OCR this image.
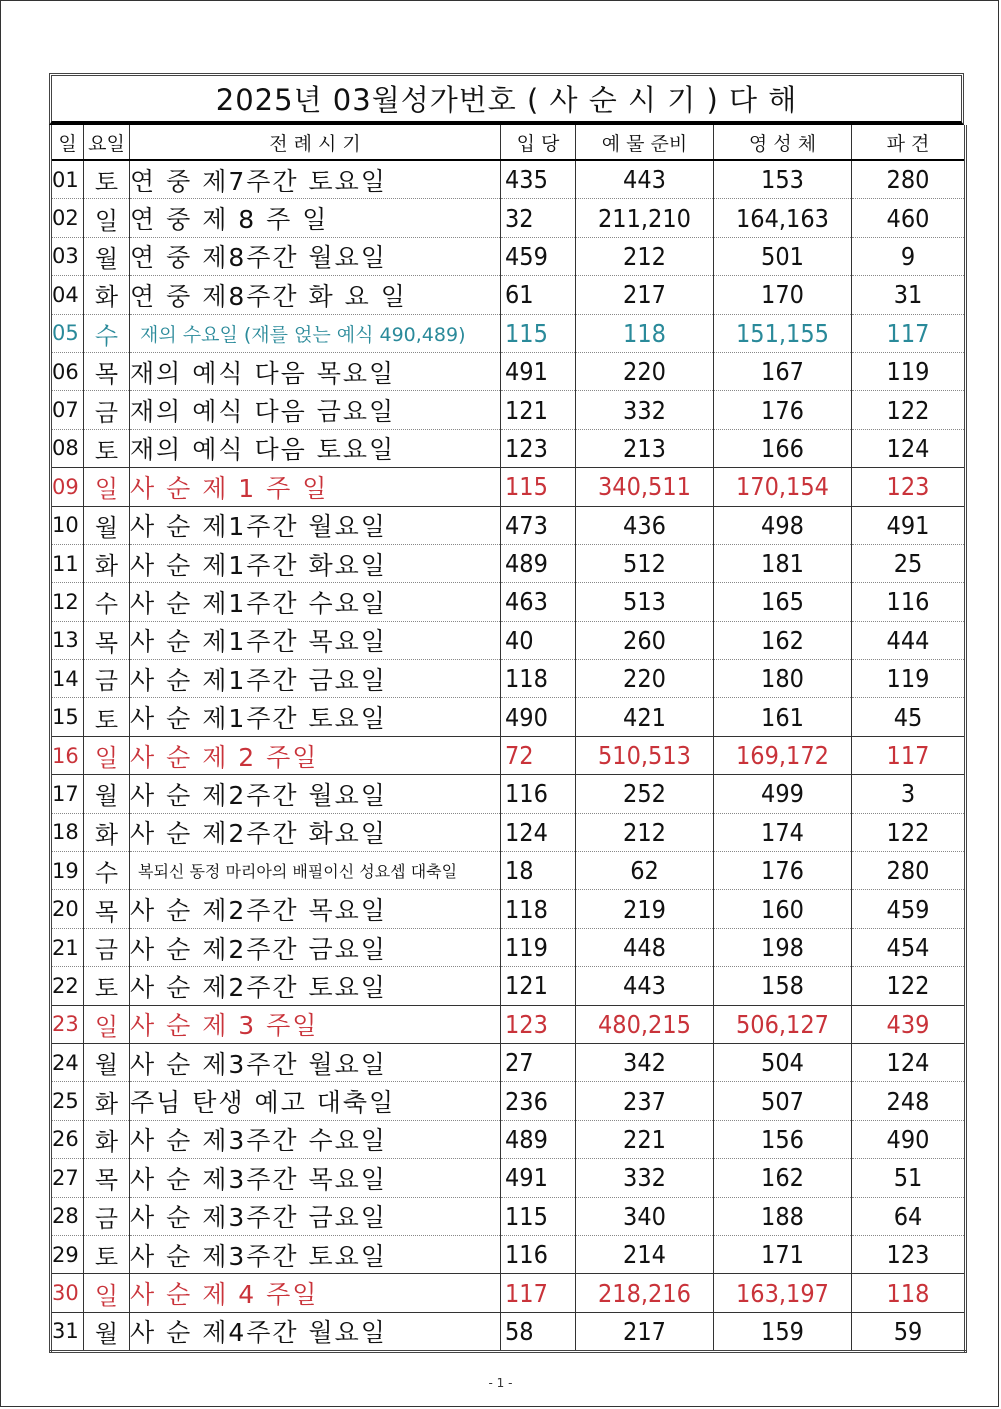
2025년 03월성가번호 ( 사 순 시 기 ) 다 해
일	요일	전 례 시 기	입 당	예 물 준비	영 성 체	파 견
01	토	연 중 제7주간 토요일	435	443	153	280
02	일	연 중 제 8 주 일	32	211,210	164,163	460
03	월	연 중 제8주간 월요일	459	212	501	9
04	화	연 중 제8주간 화 요 일	61	217	170	31
05	수	재의 수요일 (재를 얹는 예식 490,489)	115	118	151,155	117
06	목	재의 예식 다음 목요일	491	220	167	119
07	금	재의 예식 다음 금요일	121	332	176	122
08	토	재의 예식 다음 토요일	123	213	166	124
09	일	사 순 제 1 주 일	115	340,511	170,154	123
10	월	사 순 제1주간 월요일	473	436	498	491
11	화	사 순 제1주간 화요일	489	512	181	25
12	수	사 순 제1주간 수요일	463	513	165	116
13	목	사 순 제1주간 목요일	40	260	162	444
14	금	사 순 제1주간 금요일	118	220	180	119
15	토	사 순 제1주간 토요일	490	421	161	45
16	일	사 순 제 2 주일	72	510,513	169,172	117
17	월	사 순 제2주간 월요일	116	252	499	3
18	화	사 순 제2주간 화요일	124	212	174	122
19	수	복되신 동정 마리아의 배필이신 성요셉 대축일	18	62	176	280
20	목	사 순 제2주간 목요일	118	219	160	459
21	금	사 순 제2주간 금요일	119	448	198	454
22	토	사 순 제2주간 토요일	121	443	158	122
23	일	사 순 제 3 주일	123	480,215	506,127	439
24	월	사 순 제3주간 월요일	27	342	504	124
25	화	주님 탄생 예고 대축일	236	237	507	248
26	화	사 순 제3주간 수요일	489	221	156	490
27	목	사 순 제3주간 목요일	491	332	162	51
28	금	사 순 제3주간 금요일	115	340	188	64
29	토	사 순 제3주간 토요일	116	214	171	123
30	일	사 순 제 4 주일	117	218,216	163,197	118
31	월	사 순 제4주간 월요일	58	217	159	59
- 1 -
